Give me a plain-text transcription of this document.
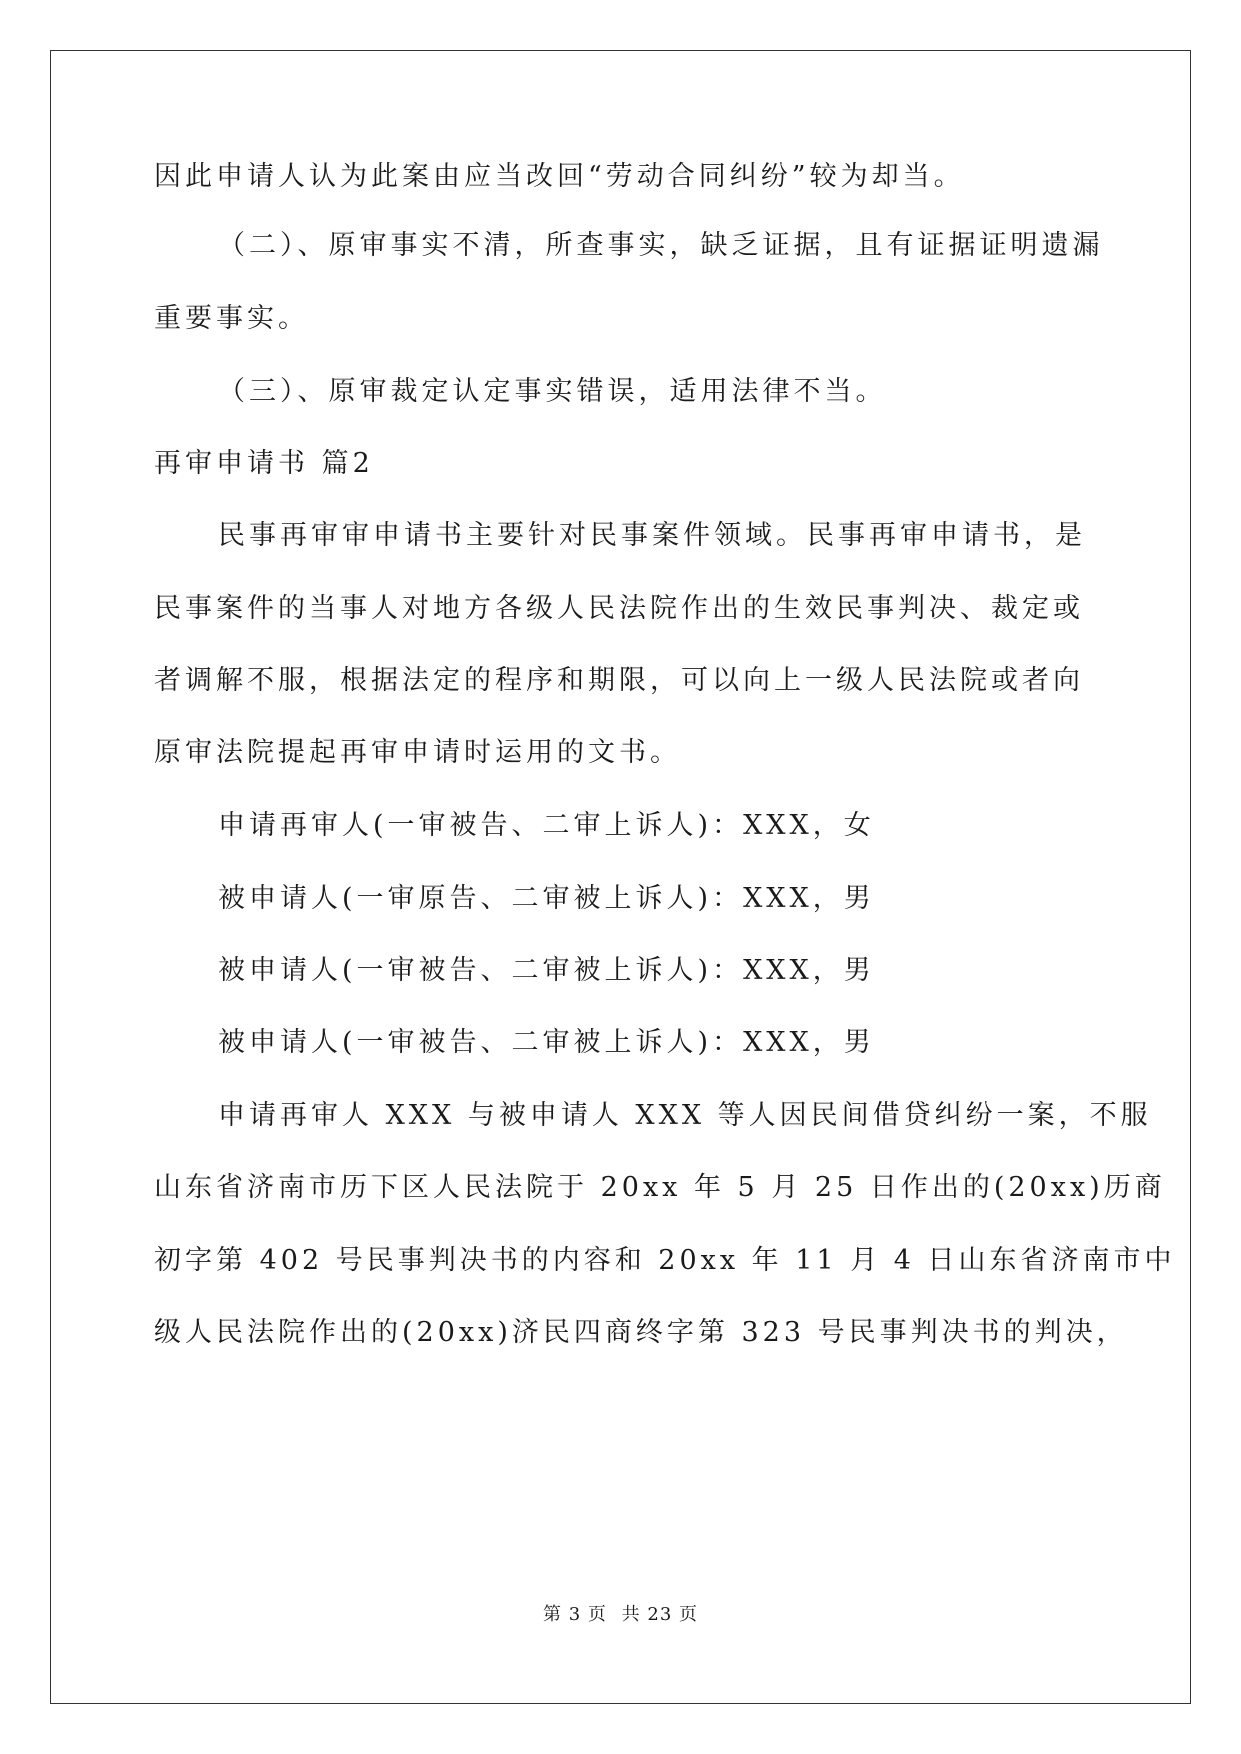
因此申请人认为此案由应当改回“劳动合同纠纷”较为却当。
（二）、原审事实不清，所查事实，缺乏证据，且有证据证明遗漏
重要事实。
（三）、原审裁定认定事实错误，适用法律不当。
再审申请书 篇2
民事再审审申请书主要针对民事案件领域。民事再审申请书，是
民事案件的当事人对地方各级人民法院作出的生效民事判决、裁定或
者调解不服，根据法定的程序和期限，可以向上一级人民法院或者向
原审法院提起再审申请时运用的文书。
申请再审人(一审被告、二审上诉人)：XXX，女
被申请人(一审原告、二审被上诉人)：XXX，男
被申请人(一审被告、二审被上诉人)：XXX，男
被申请人(一审被告、二审被上诉人)：XXX，男
申请再审人 XXX 与被申请人 XXX 等人因民间借贷纠纷一案，不服
山东省济南市历下区人民法院于 20xx 年 5 月 25 日作出的(20xx)历商
初字第 402 号民事判决书的内容和 20xx 年 11 月 4 日山东省济南市中
级人民法院作出的(20xx)济民四商终字第 323 号民事判决书的判决，
第 3 页 共 23 页
